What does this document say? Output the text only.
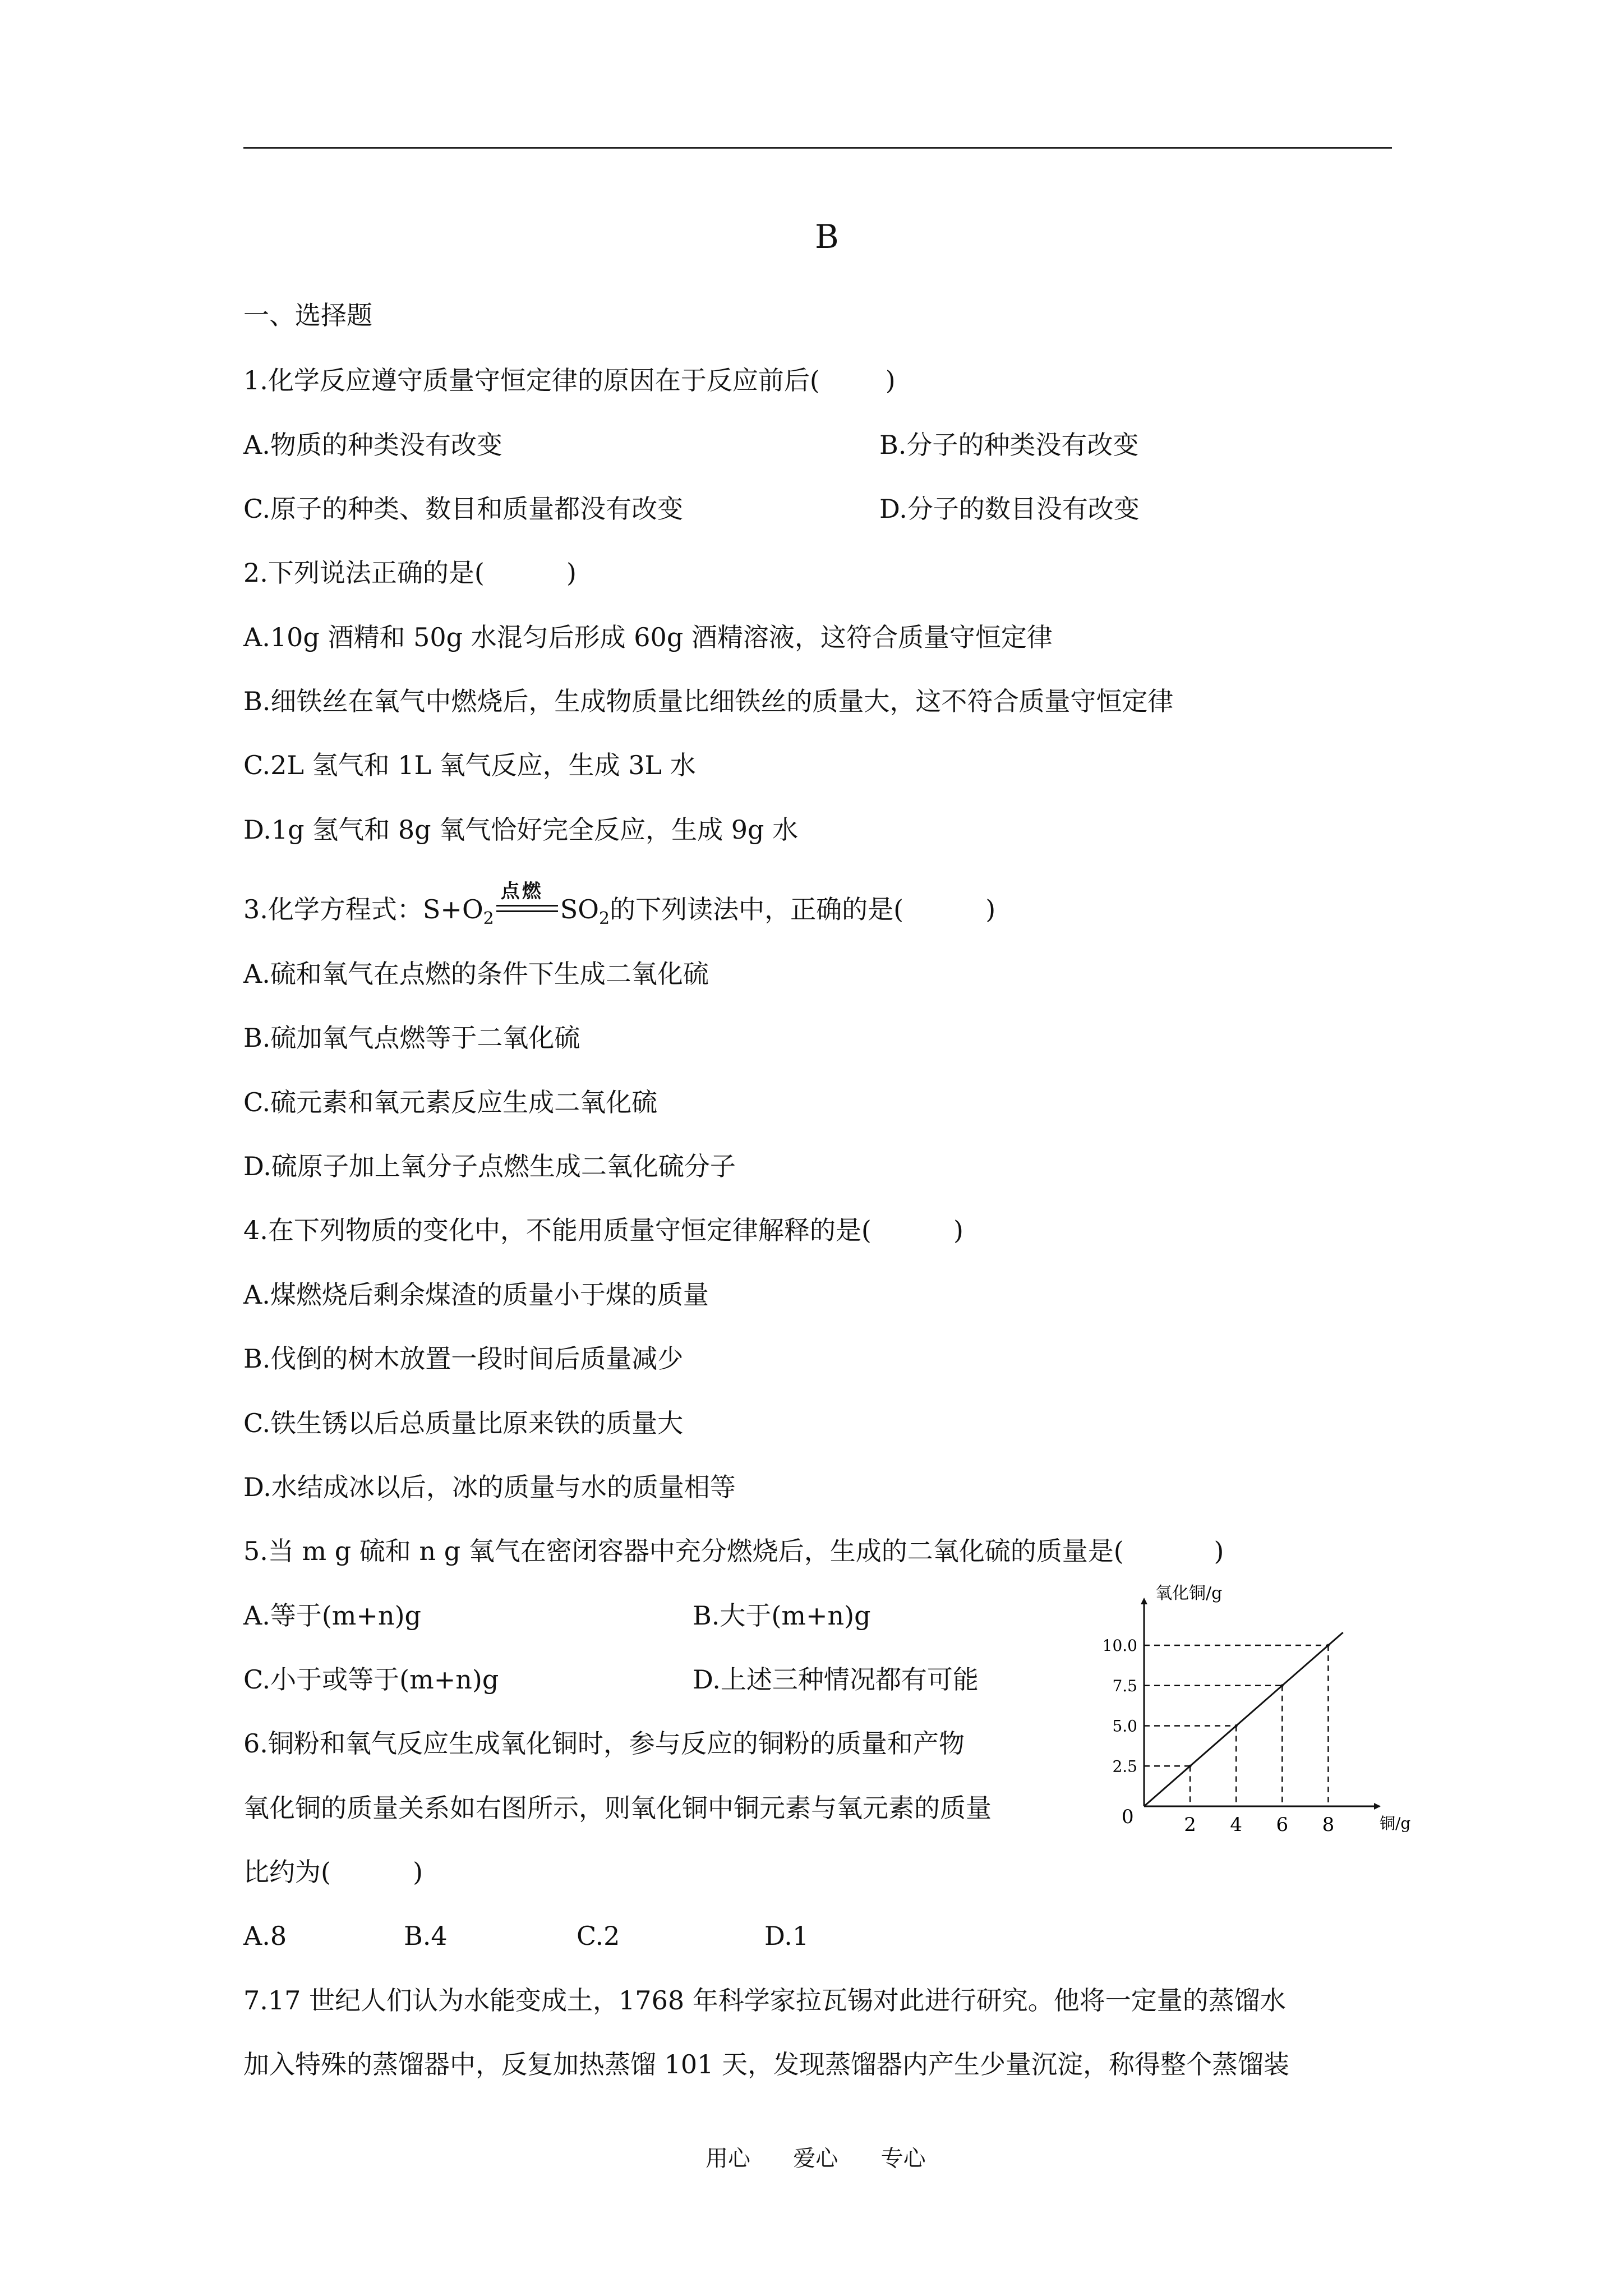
B
一、选择题
1.化学反应遵守质量守恒定律的原因在于反应前后(        )
A.物质的种类没有改变	B.分子的种类没有改变
C.原子的种类、数目和质量都没有改变	D.分子的数目没有改变
2.下列说法正确的是(          )
A.10g 酒精和 50g 水混匀后形成 60g 酒精溶液，这符合质量守恒定律
B.细铁丝在氧气中燃烧后，生成物质量比细铁丝的质量大，这不符合质量守恒定律
C.2L 氢气和 1L 氧气反应，生成 3L 水
D.1g 氢气和 8g 氧气恰好完全反应，生成 9g 水
3.化学方程式：$S+O_2$
点燃
$SO_2$的下列读法中，正确的是(          )
A.硫和氧气在点燃的条件下生成二氧化硫
B.硫加氧气点燃等于二氧化硫
C.硫元素和氧元素反应生成二氧化硫
D.硫原子加上氧分子点燃生成二氧化硫分子
4.在下列物质的变化中，不能用质量守恒定律解释的是(          )
A.煤燃烧后剩余煤渣的质量小于煤的质量
B.伐倒的树木放置一段时间后质量减少
C.铁生锈以后总质量比原来铁的质量大
D.水结成冰以后，冰的质量与水的质量相等
5.当 m g 硫和 n g 氧气在密闭容器中充分燃烧后，生成的二氧化硫的质量是(           )
A.等于(m+n)g	B.大于(m+n)g
C.小于或等于(m+n)g	D.上述三种情况都有可能
6.铜粉和氧气反应生成氧化铜时，参与反应的铜粉的质量和产物
氧化铜的质量关系如右图所示，则氧化铜中铜元素与氧元素的质量
比约为(          )
A.8	B.4	C.2	D.1
7.17 世纪人们认为水能变成土，1768 年科学家拉瓦锡对此进行研究。他将一定量的蒸馏水
加入特殊的蒸馏器中，反复加热蒸馏 101 天，发现蒸馏器内产生少量沉淀，称得整个蒸馏装
用心      爱心      专心
氧化铜/g
铜/g
0
2.5
5.0
7.5
10.0
2 4 6 8
